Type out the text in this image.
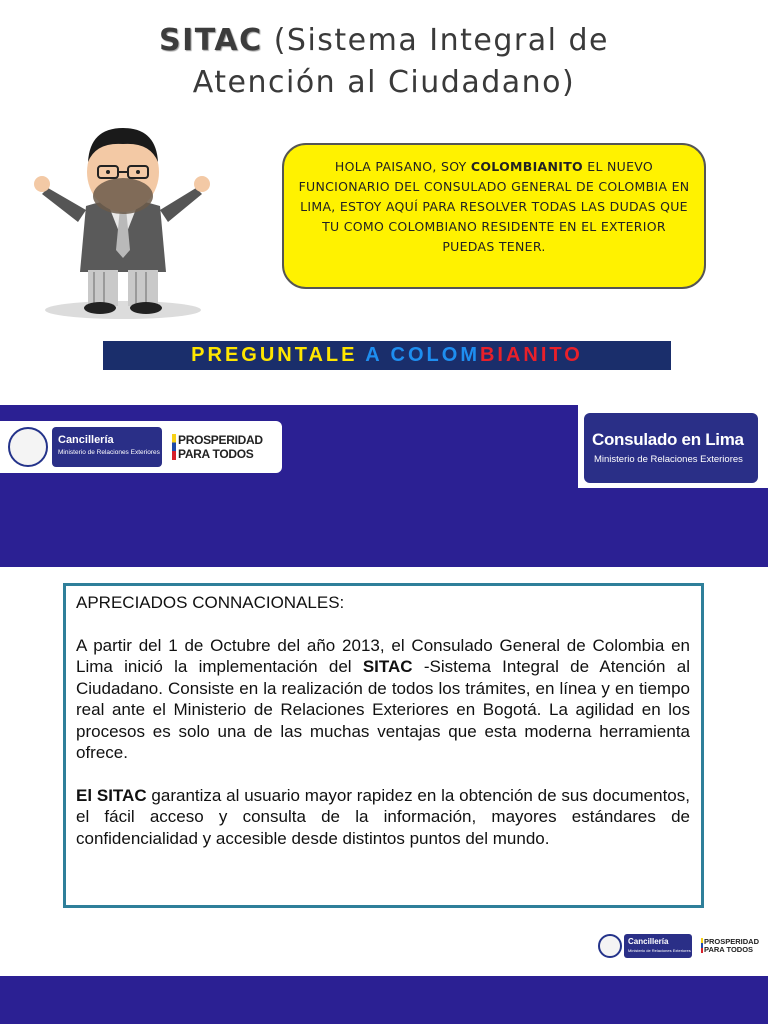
SITAC (Sistema Integral de
Atención al Ciudadano)
HOLA PAISANO, SOY COLOMBIANITO EL NUEVO FUNCIONARIO DEL CONSULADO GENERAL DE COLOMBIA EN LIMA, ESTOY AQUÍ PARA RESOLVER TODAS LAS DUDAS QUE TU COMO COLOMBIANO RESIDENTE EN EL EXTERIOR PUEDAS TENER.
PREGUNTALE A COLOMBIANITO
Cancillería
Ministerio de Relaciones Exteriores
PROSPERIDAD
PARA TODOS
Consulado en Lima
Ministerio de Relaciones Exteriores

APRECIADOS CONNACIONALES:

A partir del 1 de Octubre del año 2013, el Consulado General de Colombia en Lima inició la implementación del SITAC -Sistema Integral de Atención al Ciudadano. Consiste en la realización de todos los trámites, en línea y en tiempo real ante el Ministerio de Relaciones Exteriores en Bogotá. La agilidad en los procesos es solo una de las muchas ventajas que esta moderna herramienta ofrece.

El SITAC garantiza al usuario mayor rapidez en la obtención de sus documentos, el fácil acceso y consulta de la información, mayores estándares de confidencialidad y accesible desde distintos puntos del mundo.

Cancillería
Ministerio de Relaciones Exteriores
PROSPERIDAD
PARA TODOS
